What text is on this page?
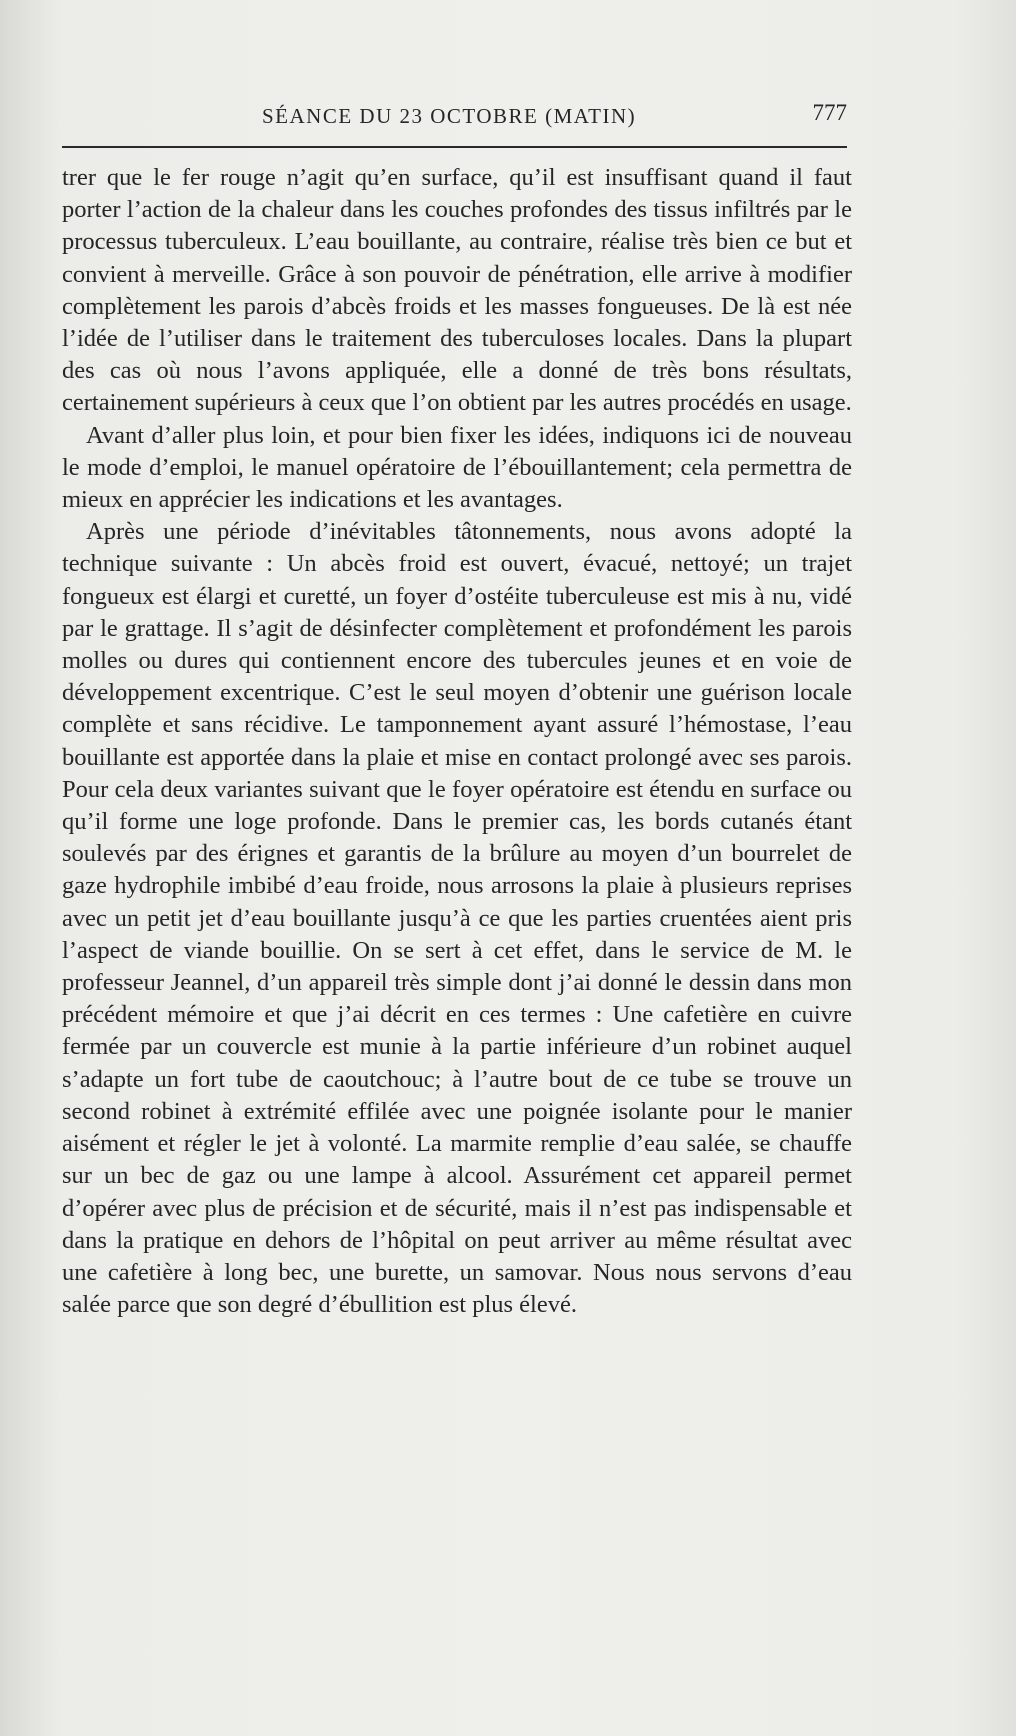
SÉANCE DU 23 OCTOBRE (MATIN)	777

trer que le fer rouge n’agit qu’en surface, qu’il est insuffisant quand il faut porter l’action de la chaleur dans les couches profondes des tissus infiltrés par le processus tuberculeux. L’eau bouillante, au contraire, réalise très bien ce but et convient à merveille. Grâce à son pouvoir de pénétration, elle arrive à modifier complètement les parois d’abcès froids et les masses fongueuses. De là est née l’idée de l’utiliser dans le traitement des tuberculoses locales. Dans la plupart des cas où nous l’avons appliquée, elle a donné de très bons résultats, certainement supérieurs à ceux que l’on obtient par les autres procédés en usage.

Avant d’aller plus loin, et pour bien fixer les idées, indiquons ici de nouveau le mode d’emploi, le manuel opératoire de l’ébouillantement; cela permettra de mieux en apprécier les indications et les avantages.

Après une période d’inévitables tâtonnements, nous avons adopté la technique suivante : Un abcès froid est ouvert, évacué, nettoyé; un trajet fongueux est élargi et curetté, un foyer d’ostéite tuberculeuse est mis à nu, vidé par le grattage. Il s’agit de désinfecter complètement et profondément les parois molles ou dures qui contiennent encore des tubercules jeunes et en voie de développement excentrique. C’est le seul moyen d’obtenir une guérison locale complète et sans récidive. Le tamponnement ayant assuré l’hémostase, l’eau bouillante est apportée dans la plaie et mise en contact prolongé avec ses parois. Pour cela deux variantes suivant que le foyer opératoire est étendu en surface ou qu’il forme une loge profonde. Dans le premier cas, les bords cutanés étant soulevés par des érignes et garantis de la brûlure au moyen d’un bourrelet de gaze hydrophile imbibé d’eau froide, nous arrosons la plaie à plusieurs reprises avec un petit jet d’eau bouillante jusqu’à ce que les parties cruentées aient pris l’aspect de viande bouillie. On se sert à cet effet, dans le service de M. le professeur Jeannel, d’un appareil très simple dont j’ai donné le dessin dans mon précédent mémoire et que j’ai décrit en ces termes : Une cafetière en cuivre fermée par un couvercle est munie à la partie inférieure d’un robinet auquel s’adapte un fort tube de caoutchouc; à l’autre bout de ce tube se trouve un second robinet à extrémité effilée avec une poignée isolante pour le manier aisément et régler le jet à volonté. La marmite remplie d’eau salée, se chauffe sur un bec de gaz ou une lampe à alcool. Assurément cet appareil permet d’opérer avec plus de précision et de sécurité, mais il n’est pas indispensable et dans la pratique en dehors de l’hôpital on peut arriver au même résultat avec une cafetière à long bec, une burette, un samovar. Nous nous servons d’eau salée parce que son degré d’ébullition est plus élevé.
